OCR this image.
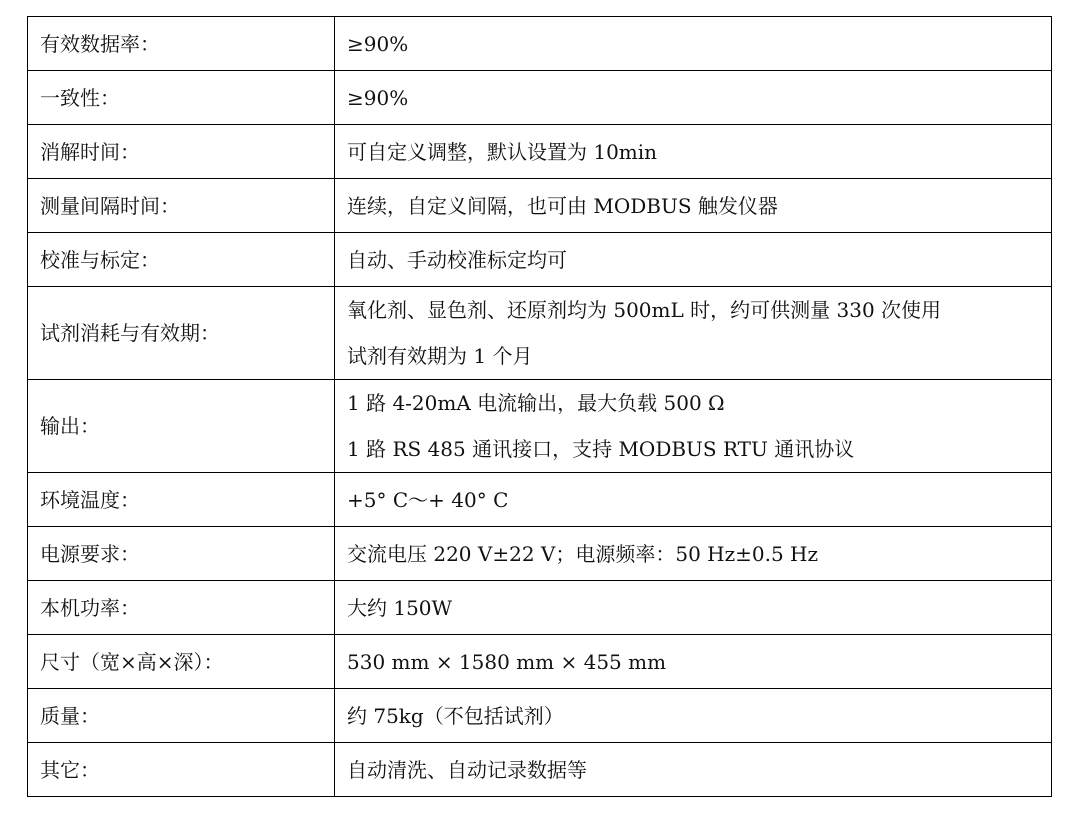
有效数据率：	≥90%

一致性：	≥90%

消解时间：	可自定义调整，默认设置为 10min

测量间隔时间：	连续，自定义间隔，也可由 MODBUS 触发仪器

校准与标定：	自动、手动校准标定均可

试剂消耗与有效期：	氧化剂、显色剂、还原剂均为 500mL 时，约可供测量 330 次使用
试剂有效期为 1 个月

输出：	1 路 4-20mA 电流输出，最大负载 500 Ω
1 路 RS 485 通讯接口，支持 MODBUS RTU 通讯协议

环境温度：	+5° C～+ 40° C

电源要求：	交流电压 220 V±22 V；电源频率：50 Hz±0.5 Hz

本机功率：	大约 150W

尺寸（宽×高×深）：	530 mm × 1580 mm × 455 mm

质量：	约 75kg（不包括试剂）

其它：	自动清洗、自动记录数据等
